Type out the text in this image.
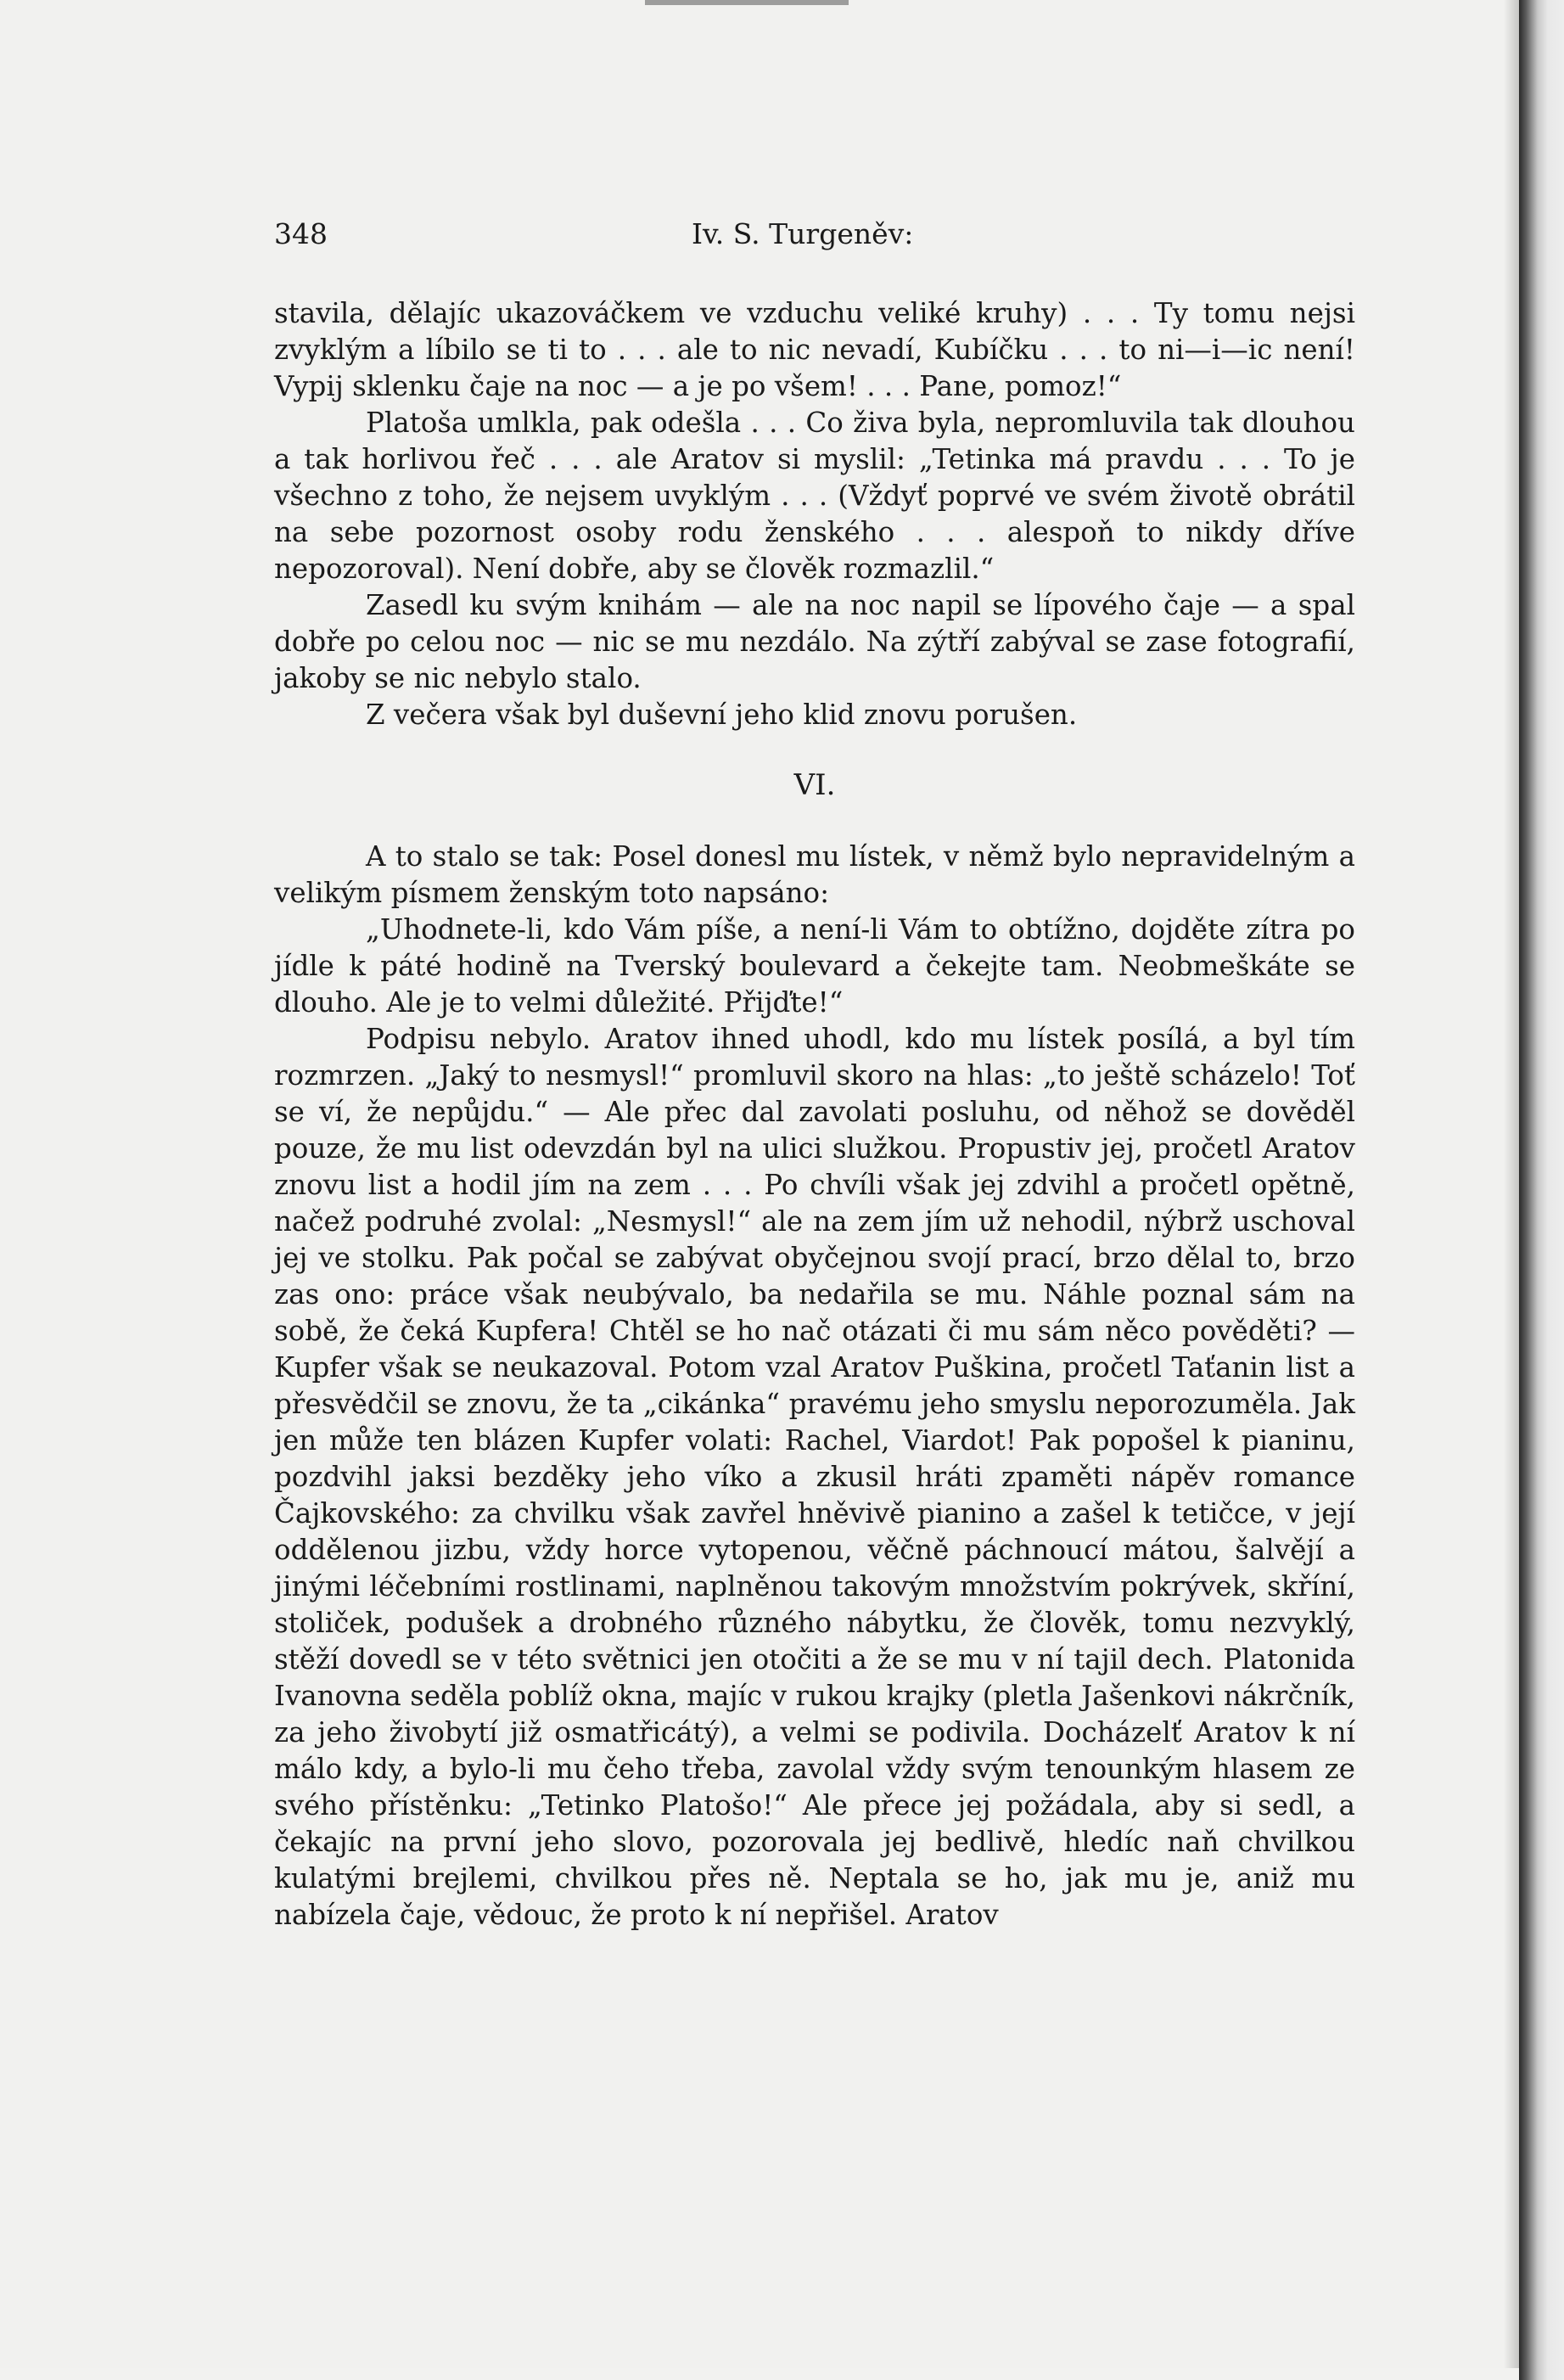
348	Iv. S. Turgeněv:

stavila, dělajíc ukazováčkem ve vzduchu veliké kruhy) . . . Ty tomu nejsi zvyklým a líbilo se ti to . . . ale to nic nevadí, Kubíčku . . . to ni—i—ic není! Vypij sklenku čaje na noc — a je po všem! . . . Pane, pomoz!“

Platoša umlkla, pak odešla . . . Co živa byla, nepromluvila tak dlouhou a tak horlivou řeč . . . ale Aratov si myslil: „Tetinka má pravdu . . . To je všechno z toho, že nejsem uvyklým . . . (Vždyť poprvé ve svém životě obrátil na sebe pozornost osoby rodu ženského . . . alespoň to nikdy dříve nepozoroval). Není dobře, aby se člověk rozmazlil.“

Zasedl ku svým knihám — ale na noc napil se lípového čaje — a spal dobře po celou noc — nic se mu nezdálo. Na zýtří zabýval se zase fotografií, jakoby se nic nebylo stalo.

Z večera však byl duševní jeho klid znovu porušen.

VI.

A to stalo se tak: Posel donesl mu lístek, v němž bylo nepravidelným a velikým písmem ženským toto napsáno:

„Uhodnete-li, kdo Vám píše, a není-li Vám to obtížno, dojděte zítra po jídle k páté hodině na Tverský boulevard a čekejte tam. Neobmeškáte se dlouho. Ale je to velmi důležité. Přijďte!“

Podpisu nebylo. Aratov ihned uhodl, kdo mu lístek posílá, a byl tím rozmrzen. „Jaký to nesmysl!“ promluvil skoro na hlas: „to ještě scházelo! Toť se ví, že nepůjdu.“ — Ale přec dal zavolati posluhu, od něhož se dověděl pouze, že mu list odevzdán byl na ulici služkou. Propustiv jej, pročetl Aratov znovu list a hodil jím na zem . . . Po chvíli však jej zdvihl a pročetl opětně, načež podruhé zvolal: „Nesmysl!“ ale na zem jím už nehodil, nýbrž uschoval jej ve stolku. Pak počal se zabývat obyčejnou svojí prací, brzo dělal to, brzo zas ono: práce však neubývalo, ba nedařila se mu. Náhle poznal sám na sobě, že čeká Kupfera! Chtěl se ho nač otázati či mu sám něco pověděti? — Kupfer však se neukazoval. Potom vzal Aratov Puškina, pročetl Taťanin list a přesvědčil se znovu, že ta „cikánka“ pravému jeho smyslu neporozuměla. Jak jen může ten blázen Kupfer volati: Rachel, Viardot! Pak popošel k pianinu, pozdvihl jaksi bezděky jeho víko a zkusil hráti zpaměti nápěv romance Čajkovského: za chvilku však zavřel hněvivě pianino a zašel k tetičce, v její oddělenou jizbu, vždy horce vytopenou, věčně páchnoucí mátou, šalvějí a jinými léčebními rostlinami, naplněnou takovým množstvím pokrývek, skříní, stoliček, podušek a drobného různého nábytku, že člověk, tomu nezvyklý, stěží dovedl se v této světnici jen otočiti a že se mu v ní tajil dech. Platonida Ivanovna seděla poblíž okna, majíc v rukou krajky (pletla Jašenkovi nákrčník, za jeho živobytí již osmatřicátý), a velmi se podivila. Docházelť Aratov k ní málo kdy, a bylo-li mu čeho třeba, zavolal vždy svým tenounkým hlasem ze svého přístěnku: „Tetinko Platošo!“ Ale přece jej požádala, aby si sedl, a čekajíc na první jeho slovo, pozorovala jej bedlivě, hledíc naň chvilkou kulatými brejlemi, chvilkou přes ně. Neptala se ho, jak mu je, aniž mu nabízela čaje, vědouc, že proto k ní nepřišel. Aratov
